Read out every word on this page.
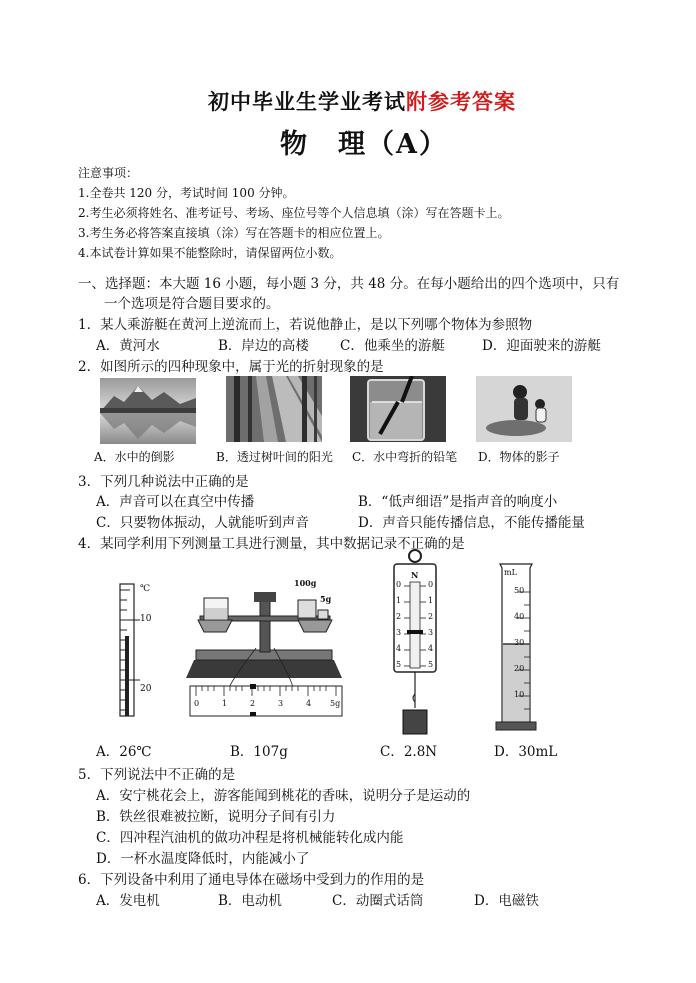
初中毕业生学业考试附参考答案
物　理（A）
注意事项：
1.全卷共 120 分，考试时间 100 分钟。
2.考生必须将姓名、准考证号、考场、座位号等个人信息填（涂）写在答题卡上。
3.考生务必将答案直接填（涂）写在答题卡的相应位置上。
4.本试卷计算如果不能整除时，请保留两位小数。
一、选择题：本大题 16 小题，每小题 3 分，共 48 分。在每小题给出的四个选项中，只有
一个选项是符合题目要求的。
1．某人乘游艇在黄河上逆流而上，若说他静止，是以下列哪个物体为参照物
A．黄河水	B．岸边的高楼 C．他乘坐的游艇	D．迎面驶来的游艇
2．如图所示的四种现象中，属于光的折射现象的是
A．水中的倒影	B．透过树叶间的阳光 C．水中弯折的铅笔 D．物体的影子
3．下列几种说法中正确的是
A．声音可以在真空中传播	B．“低声细语”是指声音的响度小
C．只要物体振动，人就能听到声音	D．声音只能传播信息，不能传播能量
4．某同学利用下列测量工具进行测量，其中数据记录不正确的是
℃
10
20
100g
5g
0	1	2	3	4 5g
N
0
1
2
3
4
5
0
1
2
3
4
5
mL
50
40
30
20
10
A．26℃	B．107g	C．2.8N	D．30mL
5．下列说法中不正确的是
A．安宁桃花会上，游客能闻到桃花的香味，说明分子是运动的
B．铁丝很难被拉断，说明分子间有引力
C．四冲程汽油机的做功冲程是将机械能转化成内能
D．一杯水温度降低时，内能减小了
6．下列设备中利用了通电导体在磁场中受到力的作用的是
A．发电机	B．电动机	C．动圈式话筒	D．电磁铁
